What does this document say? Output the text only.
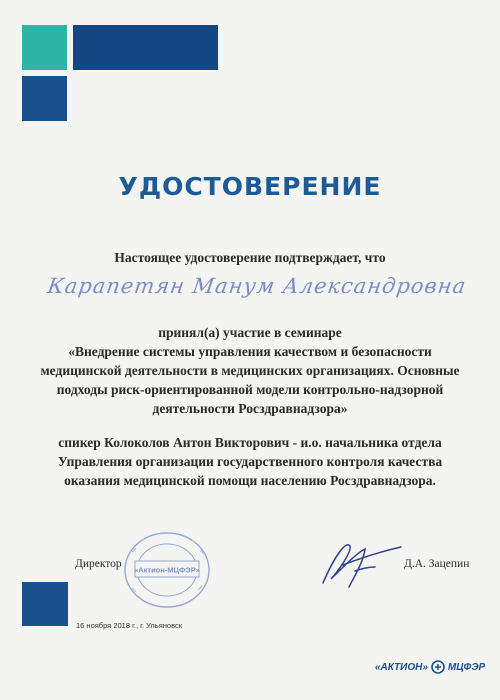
УДОСТОВЕРЕНИЕ
Настоящее удостоверение подтверждает, что
Карапетян Манум Александровна
принял(а) участие в семинаре
«Внедрение системы управления качеством и безопасности
медицинской деятельности в медицинских организациях. Основные
подходы риск-ориентированной модели контрольно-надзорной
деятельности Росздравнадзора»
спикер Колоколов Антон Викторович - и.о. начальника отдела
Управления организации государственного контроля качества
оказания медицинской помощи населению Росздравнадзора.
Директор «Актион-МЦФЭР»	Д.А. Зацепин
16 ноября 2018 г., г. Ульяновск
«АКТИОН» МЦФЭР
